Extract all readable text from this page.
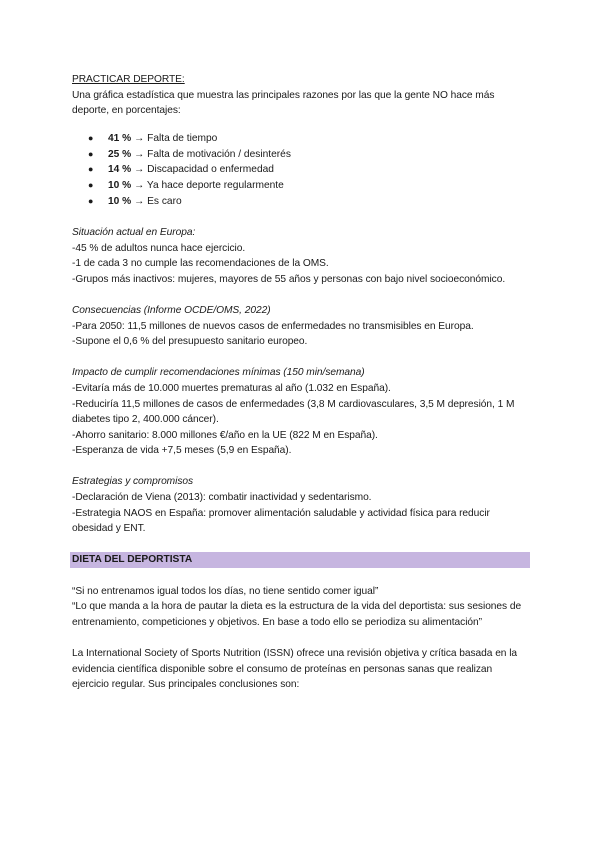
PRACTICAR DEPORTE:

Una gráfica estadística que muestra las principales razones por las que la gente NO hace más deporte, en porcentajes:

● 41 % → Falta de tiempo
● 25 % → Falta de motivación / desinterés
● 14 % → Discapacidad o enfermedad
● 10 % → Ya hace deporte regularmente
● 10 % → Es caro

Situación actual en Europa:

-45 % de adultos nunca hace ejercicio.

-1 de cada 3 no cumple las recomendaciones de la OMS.

-Grupos más inactivos: mujeres, mayores de 55 años y personas con bajo nivel socioeconómico.

Consecuencias (Informe OCDE/OMS, 2022)

-Para 2050: 11,5 millones de nuevos casos de enfermedades no transmisibles en Europa.

-Supone el 0,6 % del presupuesto sanitario europeo.

Impacto de cumplir recomendaciones mínimas (150 min/semana)

-Evitaría más de 10.000 muertes prematuras al año (1.032 en España).

-Reduciría 11,5 millones de casos de enfermedades (3,8 M cardiovasculares, 3,5 M depresión, 1 M diabetes tipo 2, 400.000 cáncer).

-Ahorro sanitario: 8.000 millones €/año en la UE (822 M en España).

-Esperanza de vida +7,5 meses (5,9 en España).

Estrategias y compromisos

-Declaración de Viena (2013): combatir inactividad y sedentarismo.

-Estrategia NAOS en España: promover alimentación saludable y actividad física para reducir obesidad y ENT.

DIETA DEL DEPORTISTA

“Si no entrenamos igual todos los días, no tiene sentido comer igual”

“Lo que manda a la hora de pautar la dieta es la estructura de la vida del deportista: sus sesiones de entrenamiento, competiciones y objetivos. En base a todo ello se periodiza su alimentación”

La International Society of Sports Nutrition (ISSN) ofrece una revisión objetiva y crítica basada en la evidencia científica disponible sobre el consumo de proteínas en personas sanas que realizan ejercicio regular. Sus principales conclusiones son:
